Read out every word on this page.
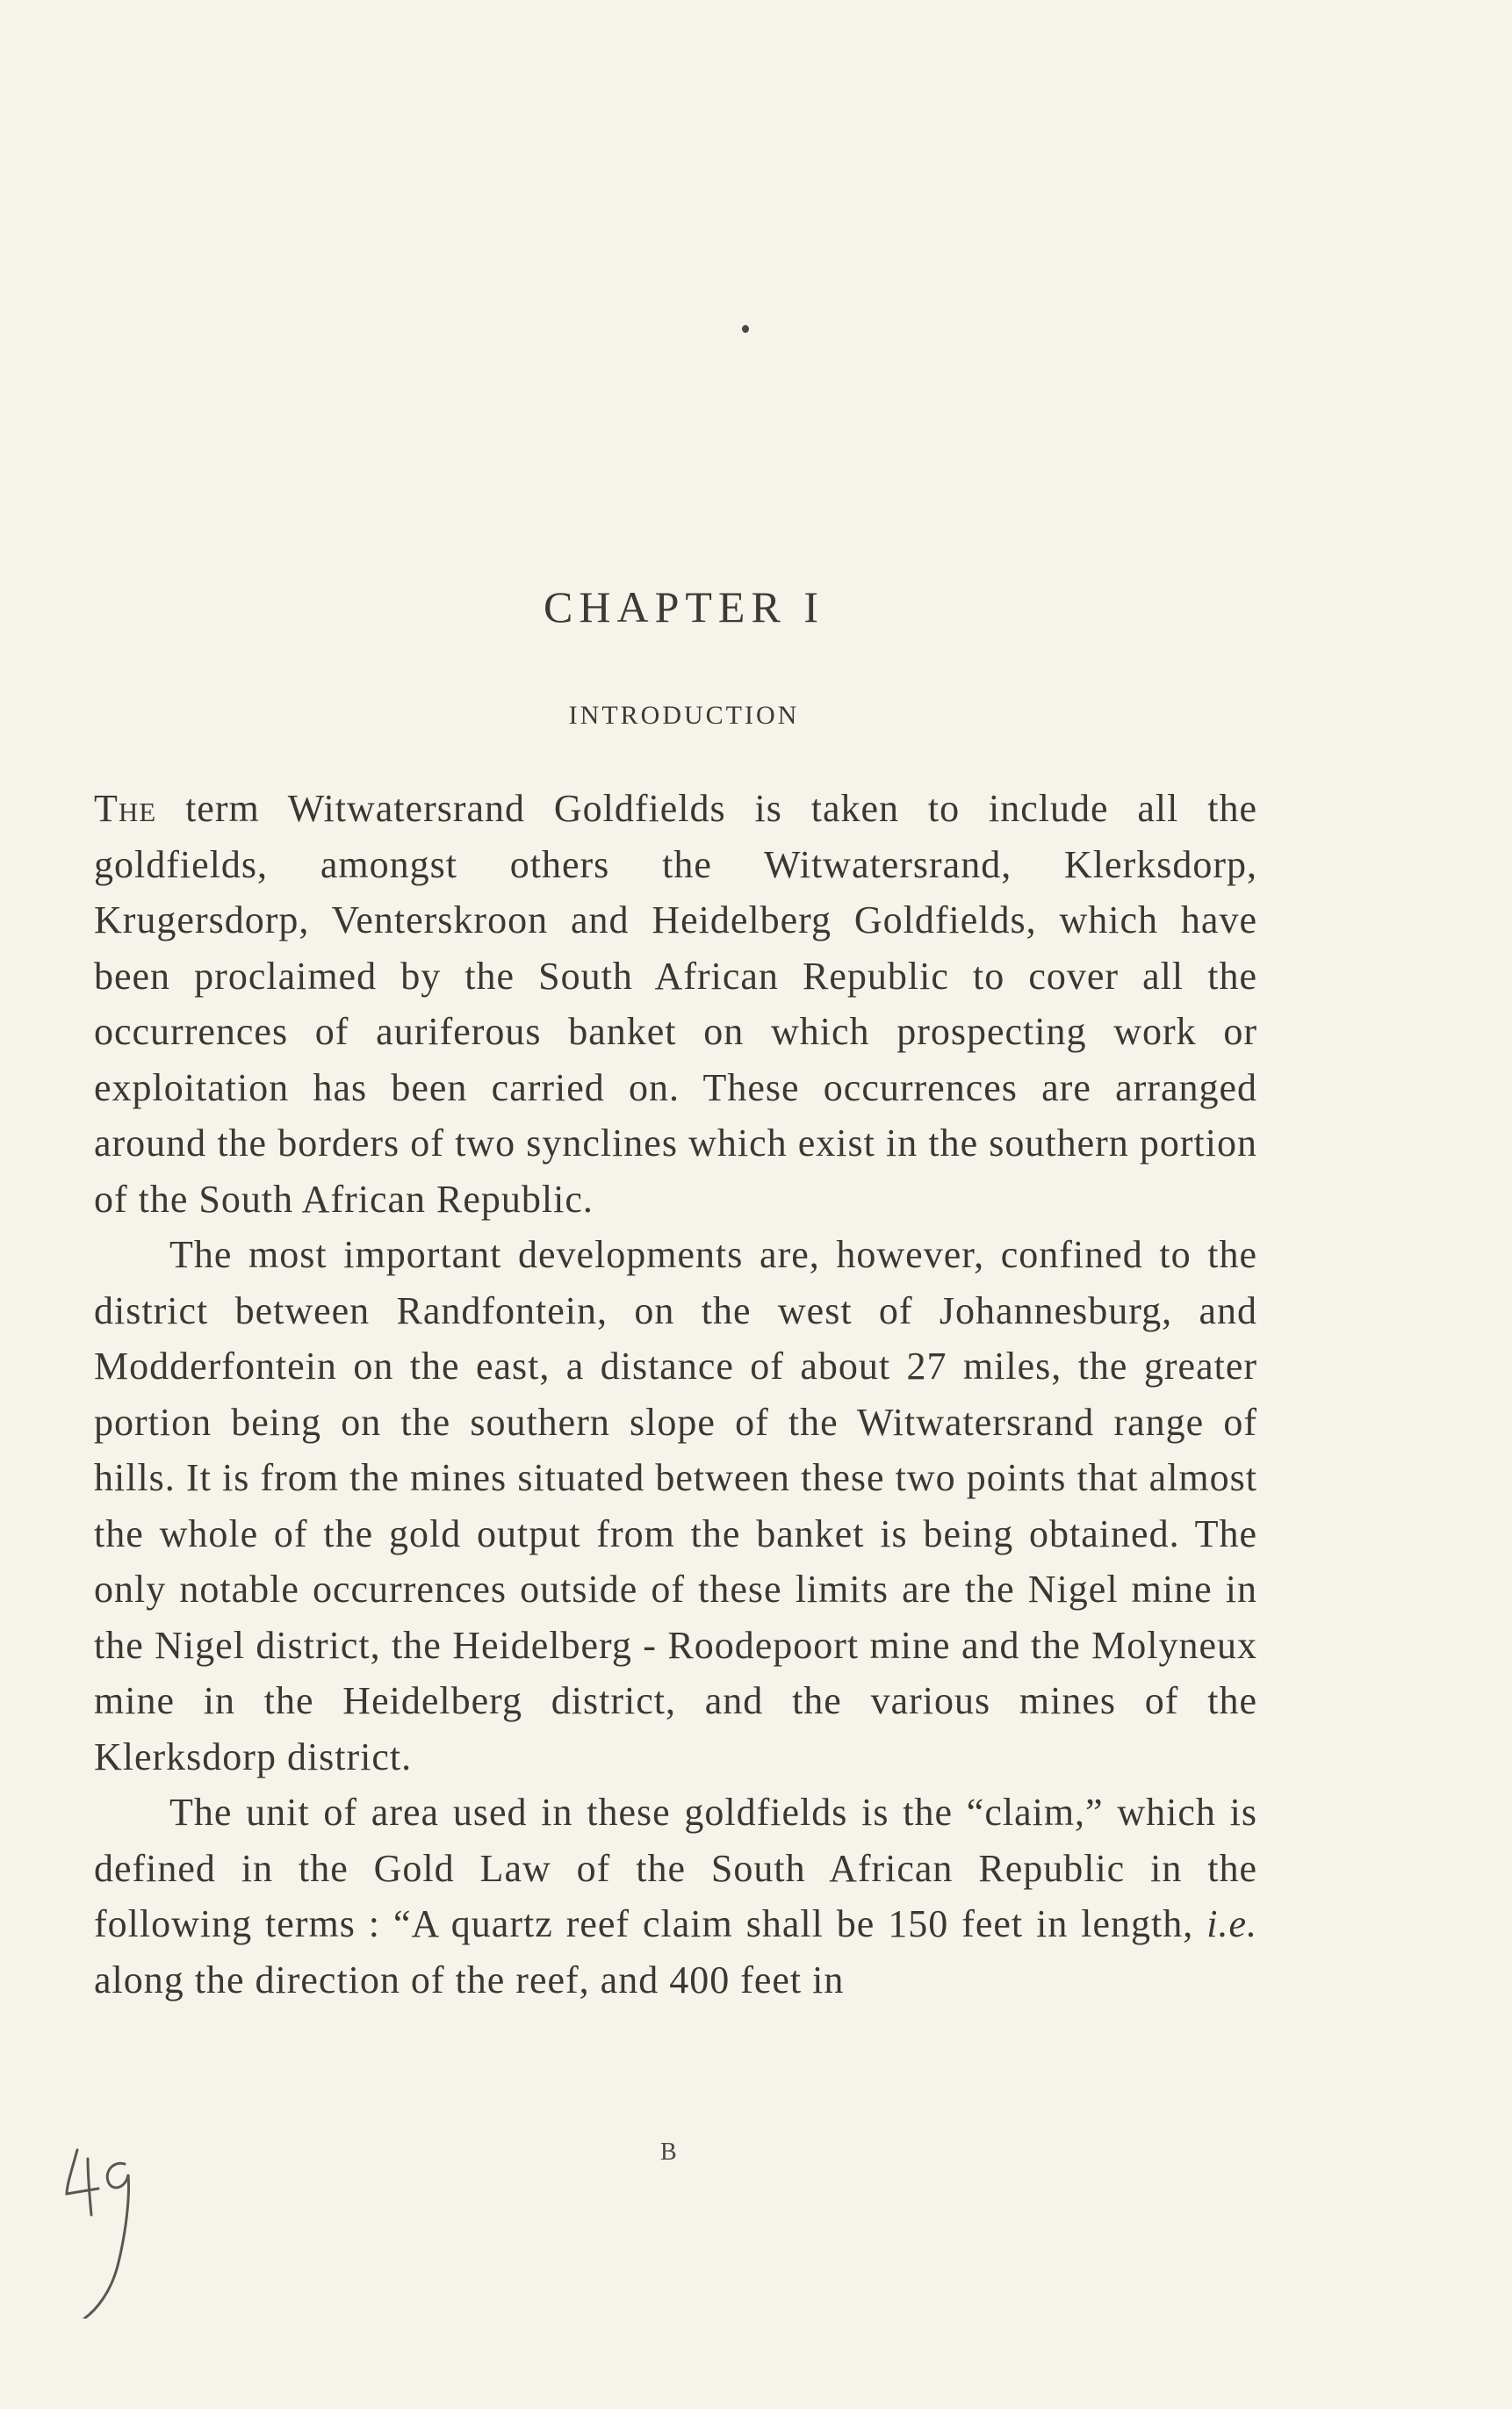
CHAPTER I
INTRODUCTION

The term Witwatersrand Goldfields is taken to include all the goldfields, amongst others the Witwatersrand, Klerksdorp, Krugersdorp, Venterskroon and Heidelberg Goldfields, which have been proclaimed by the South African Republic to cover all the occurrences of auriferous banket on which prospecting work or exploitation has been carried on. These occurrences are arranged around the borders of two synclines which exist in the southern portion of the South African Republic.

The most important developments are, however, confined to the district between Randfontein, on the west of Johannesburg, and Modderfontein on the east, a distance of about 27 miles, the greater portion being on the southern slope of the Witwatersrand range of hills. It is from the mines situated between these two points that almost the whole of the gold output from the banket is being obtained. The only notable occurrences outside of these limits are the Nigel mine in the Nigel district, the Heidelberg - Roodepoort mine and the Molyneux mine in the Heidelberg district, and the various mines of the Klerksdorp district.

The unit of area used in these goldfields is the “claim,” which is defined in the Gold Law of the South African Republic in the following terms : “A quartz reef claim shall be 150 feet in length, i.e. along the direction of the reef, and 400 feet in

B
